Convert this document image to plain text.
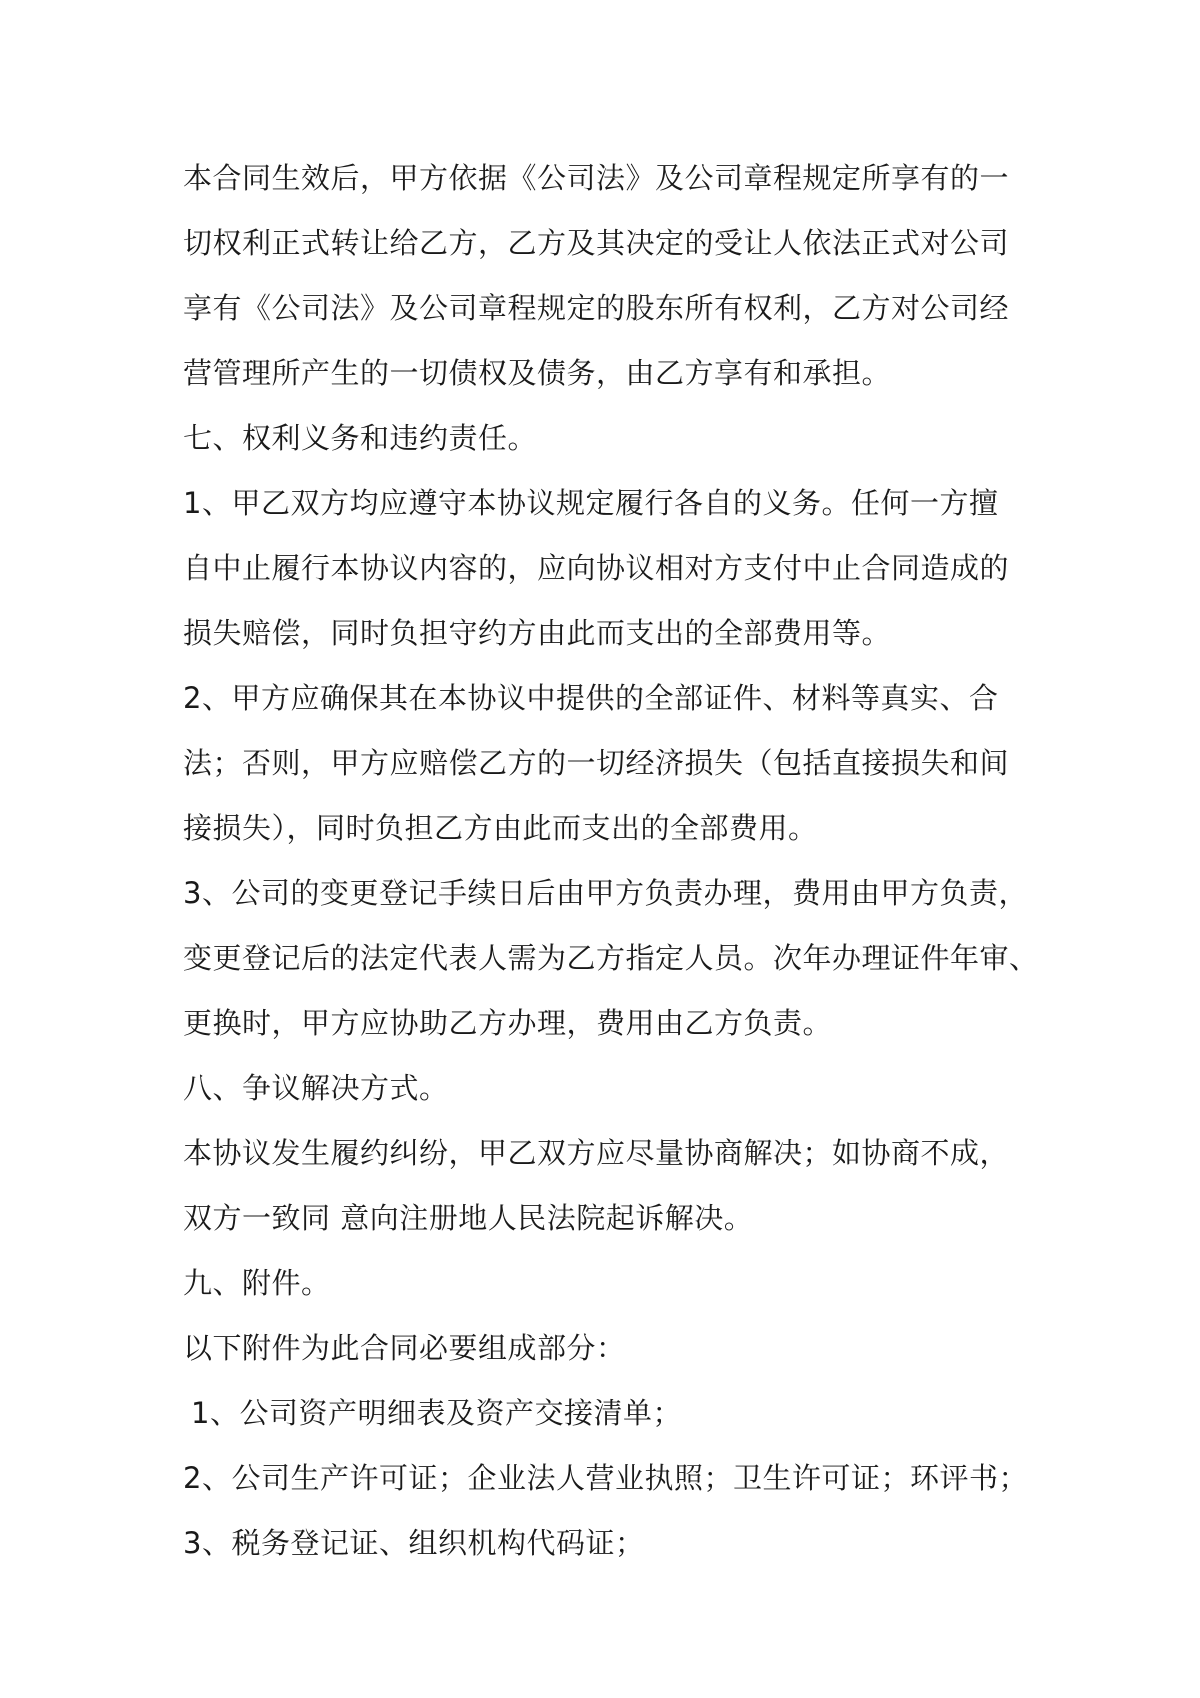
本合同生效后，甲方依据《公司法》及公司章程规定所享有的一
切权利正式转让给乙方，乙方及其决定的受让人依法正式对公司
享有《公司法》及公司章程规定的股东所有权利，乙方对公司经
营管理所产生的一切债权及债务，由乙方享有和承担。
七、权利义务和违约责任。
1、甲乙双方均应遵守本协议规定履行各自的义务。任何一方擅
自中止履行本协议内容的，应向协议相对方支付中止合同造成的
损失赔偿，同时负担守约方由此而支出的全部费用等。
2、甲方应确保其在本协议中提供的全部证件、材料等真实、合
法；否则，甲方应赔偿乙方的一切经济损失（包括直接损失和间
接损失），同时负担乙方由此而支出的全部费用。
3、公司的变更登记手续日后由甲方负责办理，费用由甲方负责，
变更登记后的法定代表人需为乙方指定人员。次年办理证件年审、
更换时，甲方应协助乙方办理，费用由乙方负责。
八、争议解决方式。
本协议发生履约纠纷，甲乙双方应尽量协商解决；如协商不成，
双方一致同 意向注册地人民法院起诉解决。
九、附件。
以下附件为此合同必要组成部分：
1、公司资产明细表及资产交接清单；
2、公司生产许可证；企业法人营业执照；卫生许可证；环评书；
3、税务登记证、组织机构代码证；
